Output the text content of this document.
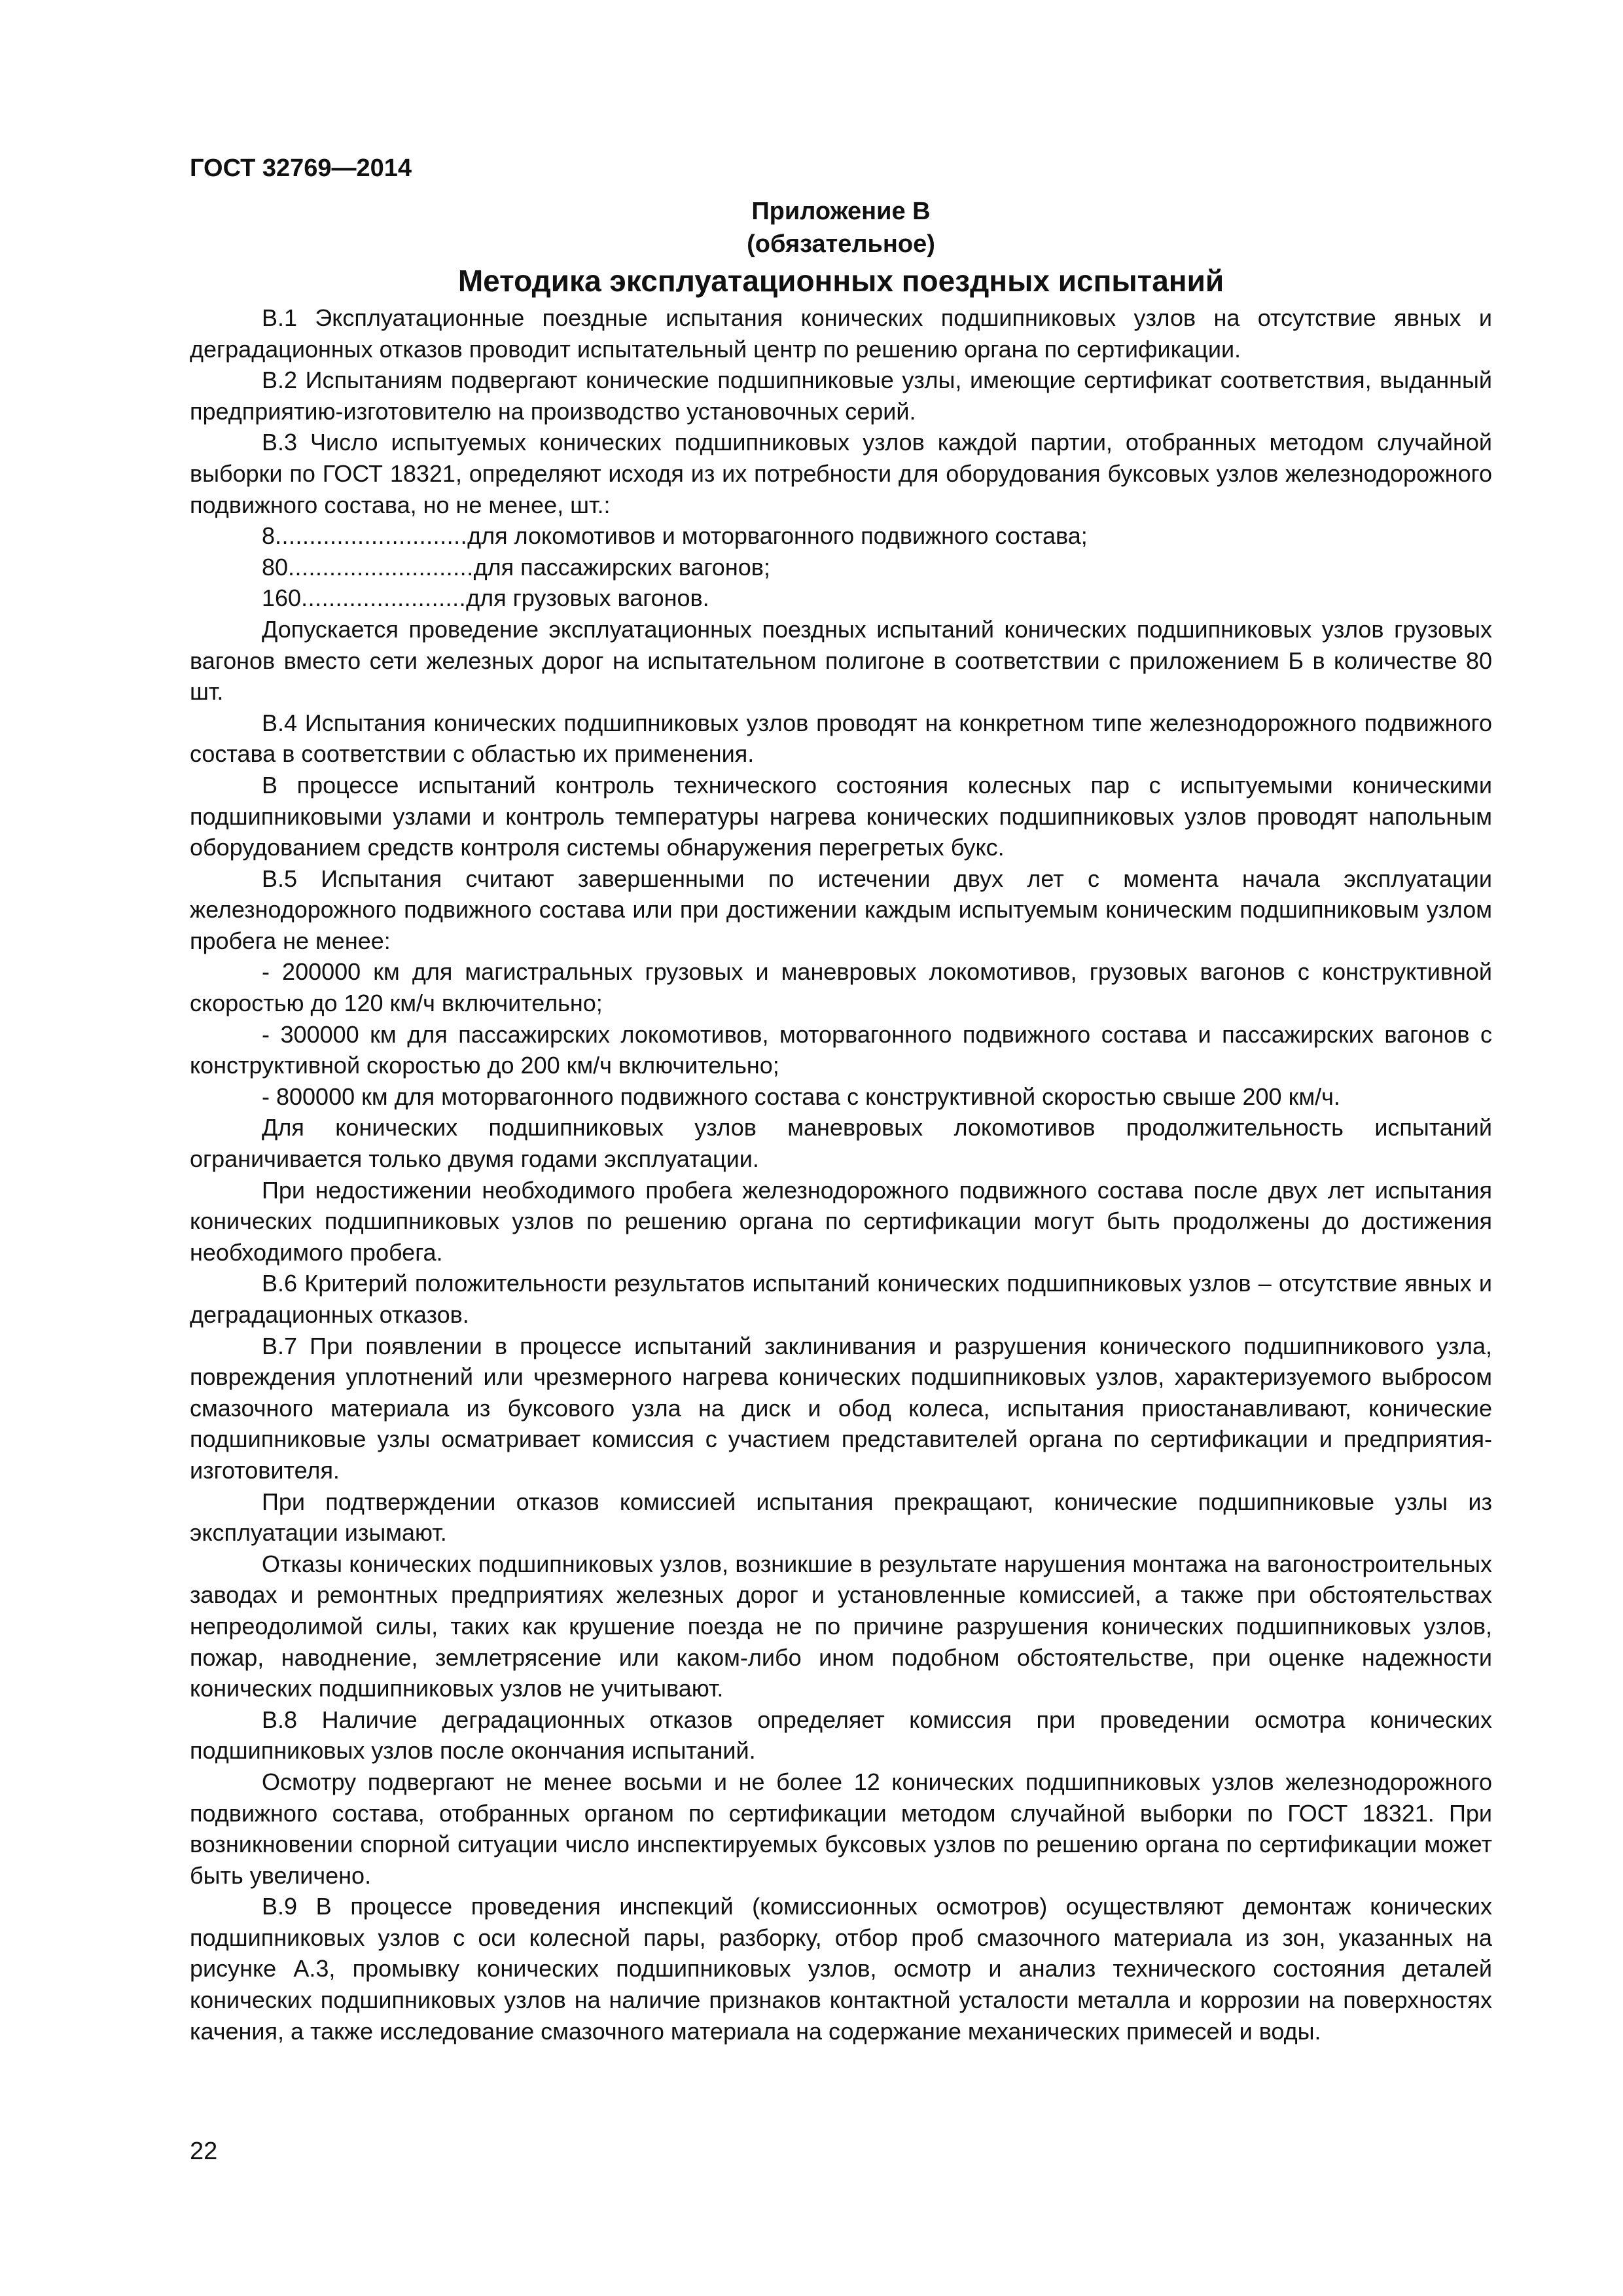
ГОСТ 32769—2014
Приложение В
(обязательное)
Методика эксплуатационных поездных испытаний

В.1 Эксплуатационные поездные испытания конических подшипниковых узлов на отсутствие явных и деградационных отказов проводит испытательный центр по решению органа по сертификации.

В.2 Испытаниям подвергают конические подшипниковые узлы, имеющие сертификат соответствия, выданный предприятию-изготовителю на производство установочных серий.

В.3 Число испытуемых конических подшипниковых узлов каждой партии, отобранных методом случайной выборки по ГОСТ 18321, определяют исходя из их потребности для оборудования буксовых узлов железнодорожного подвижного состава, но не менее, шт.:

8............................для локомотивов и моторвагонного подвижного состава;
80...........................для пассажирских вагонов;
160........................для грузовых вагонов.

Допускается проведение эксплуатационных поездных испытаний конических подшипниковых узлов грузовых вагонов вместо сети железных дорог на испытательном полигоне в соответствии с приложением Б в количестве 80 шт.

В.4 Испытания конических подшипниковых узлов проводят на конкретном типе железнодорожного подвижного состава в соответствии с областью их применения.

В процессе испытаний контроль технического состояния колесных пар с испытуемыми коническими подшипниковыми узлами и контроль температуры нагрева конических подшипниковых узлов проводят напольным оборудованием средств контроля системы обнаружения перегретых букс.

В.5 Испытания считают завершенными по истечении двух лет с момента начала эксплуатации железнодорожного подвижного состава или при достижении каждым испытуемым коническим подшипниковым узлом пробега не менее:

- 200000 км для магистральных грузовых и маневровых локомотивов, грузовых вагонов с конструктивной скоростью до 120 км/ч включительно;

- 300000 км для пассажирских локомотивов, моторвагонного подвижного состава и пассажирских вагонов с конструктивной скоростью до 200 км/ч включительно;

- 800000 км для моторвагонного подвижного состава с конструктивной скоростью свыше 200 км/ч.

Для конических подшипниковых узлов маневровых локомотивов продолжительность испытаний ограничивается только двумя годами эксплуатации.

При недостижении необходимого пробега железнодорожного подвижного состава после двух лет испытания конических подшипниковых узлов по решению органа по сертификации могут быть продолжены до достижения необходимого пробега.

В.6 Критерий положительности результатов испытаний конических подшипниковых узлов – отсутствие явных и деградационных отказов.

В.7 При появлении в процессе испытаний заклинивания и разрушения конического подшипникового узла, повреждения уплотнений или чрезмерного нагрева конических подшипниковых узлов, характеризуемого выбросом смазочного материала из буксового узла на диск и обод колеса, испытания приостанавливают, конические подшипниковые узлы осматривает комиссия с участием представителей органа по сертификации и предприятия-изготовителя.

При подтверждении отказов комиссией испытания прекращают, конические подшипниковые узлы из эксплуатации изымают.

Отказы конических подшипниковых узлов, возникшие в результате нарушения монтажа на вагоностроительных заводах и ремонтных предприятиях железных дорог и установленные комиссией, а также при обстоятельствах непреодолимой силы, таких как крушение поезда не по причине разрушения конических подшипниковых узлов, пожар, наводнение, землетрясение или каком-либо ином подобном обстоятельстве, при оценке надежности конических подшипниковых узлов не учитывают.

В.8 Наличие деградационных отказов определяет комиссия при проведении осмотра конических подшипниковых узлов после окончания испытаний.

Осмотру подвергают не менее восьми и не более 12 конических подшипниковых узлов железнодорожного подвижного состава, отобранных органом по сертификации методом случайной выборки по ГОСТ 18321. При возникновении спорной ситуации число инспектируемых буксовых узлов по решению органа по сертификации может быть увеличено.

В.9 В процессе проведения инспекций (комиссионных осмотров) осуществляют демонтаж конических подшипниковых узлов с оси колесной пары, разборку, отбор проб смазочного материала из зон, указанных на рисунке А.3, промывку конических подшипниковых узлов, осмотр и анализ технического состояния деталей конических подшипниковых узлов на наличие признаков контактной усталости металла и коррозии на поверхностях качения, а также исследование смазочного материала на содержание механических примесей и воды.

22
